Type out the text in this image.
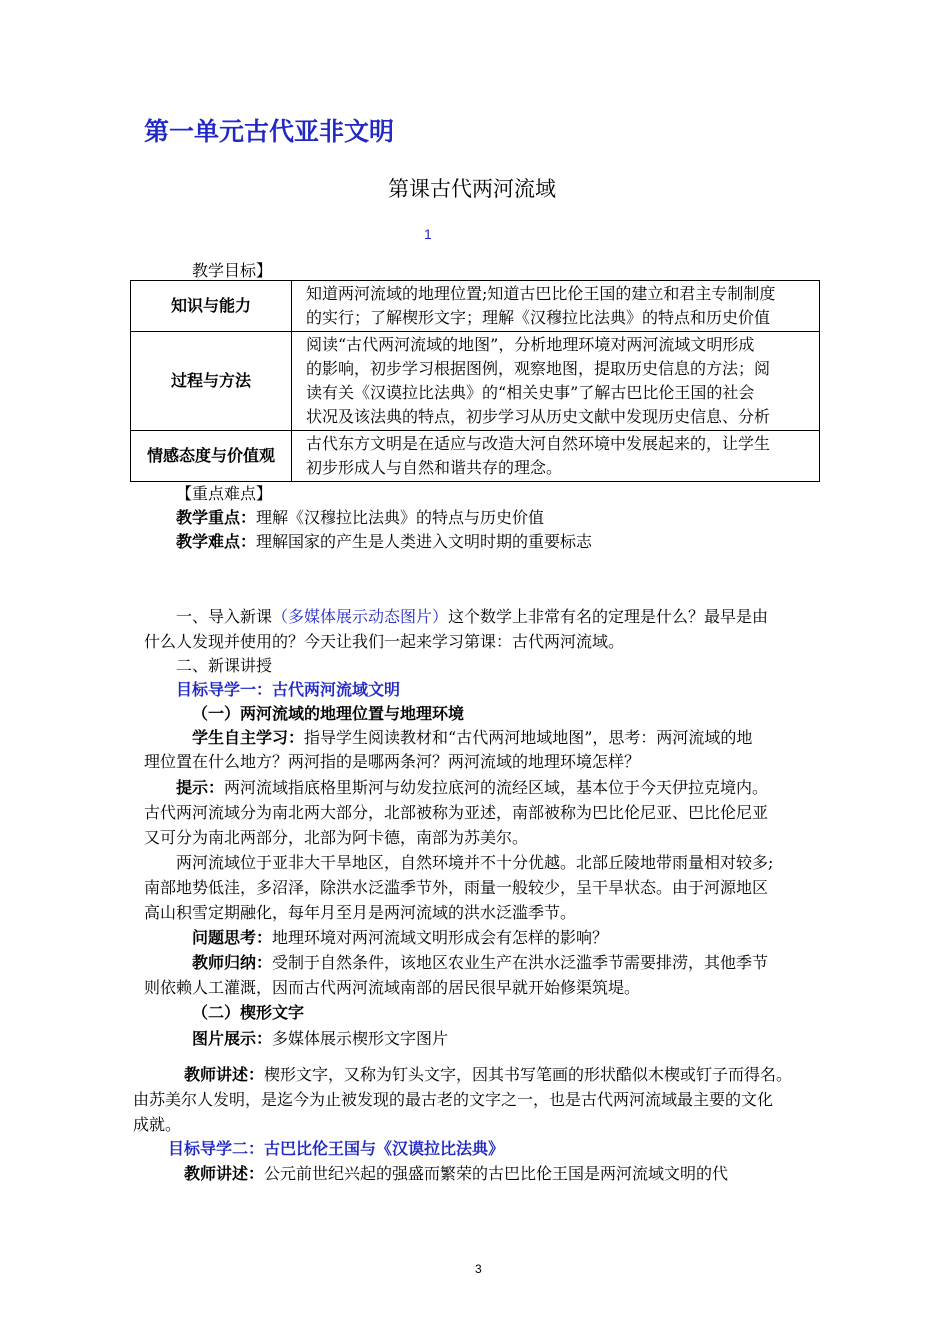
第一单元古代亚非文明
第课古代两河流域
1
教学目标】
知识与能力	知道两河流域的地理位置;知道古巴比伦王国的建立和君主专制制度
的实行；了解楔形文字；理解《汉穆拉比法典》的特点和历史价值

过程与方法	阅读“古代两河流域的地图”，分析地理环境对两河流域文明形成
的影响，初步学习根据图例，观察地图，提取历史信息的方法；阅
读有关《汉谟拉比法典》的“相关史事”了解古巴比伦王国的社会
状况及该法典的特点，初步学习从历史文献中发现历史信息、分析

情感态度与价值观	古代东方文明是在适应与改造大河自然环境中发展起来的，让学生
初步形成人与自然和谐共存的理念。
【重点难点】
教学重点：理解《汉穆拉比法典》的特点与历史价值
教学难点：理解国家的产生是人类进入文明时期的重要标志
一、导入新课（多媒体展示动态图片）这个数学上非常有名的定理是什么？最早是由
什么人发现并使用的？今天让我们一起来学习第课：古代两河流域。
二、新课讲授
目标导学一：古代两河流域文明
（一）两河流域的地理位置与地理环境
学生自主学习：指导学生阅读教材和“古代两河地域地图”，思考：两河流域的地
理位置在什么地方？两河指的是哪两条河？两河流域的地理环境怎样？
提示：两河流域指底格里斯河与幼发拉底河的流经区域，基本位于今天伊拉克境内。
古代两河流域分为南北两大部分，北部被称为亚述，南部被称为巴比伦尼亚、巴比伦尼亚
又可分为南北两部分，北部为阿卡德，南部为苏美尔。
两河流域位于亚非大干旱地区，自然环境并不十分优越。北部丘陵地带雨量相对较多;
南部地势低洼，多沼泽，除洪水泛滥季节外，雨量一般较少，呈干旱状态。由于河源地区
高山积雪定期融化，每年月至月是两河流域的洪水泛滥季节。
问题思考：地理环境对两河流域文明形成会有怎样的影响？
教师归纳：受制于自然条件，该地区农业生产在洪水泛滥季节需要排涝，其他季节
则依赖人工灌溉，因而古代两河流域南部的居民很早就开始修渠筑堤。
（二）楔形文字
图片展示：多媒体展示楔形文字图片
教师讲述：楔形文字，又称为钉头文字，因其书写笔画的形状酷似木楔或钉子而得名。
由苏美尔人发明，是迄今为止被发现的最古老的文字之一，也是古代两河流域最主要的文化
成就。
目标导学二：古巴比伦王国与《汉谟拉比法典》
教师讲述：公元前世纪兴起的强盛而繁荣的古巴比伦王国是两河流域文明的代
3
